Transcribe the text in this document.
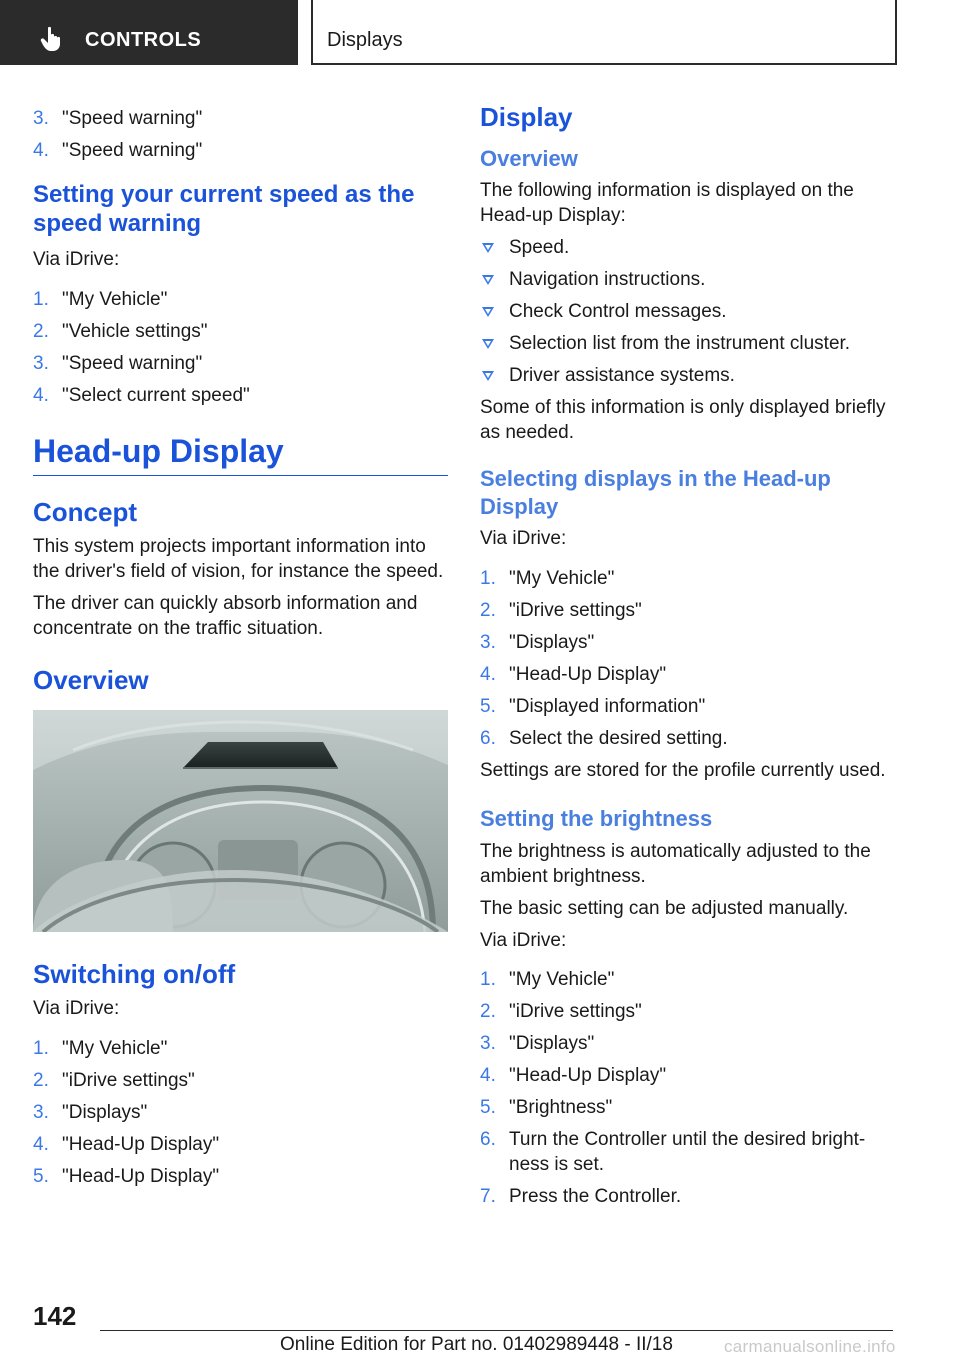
CONTROLS	Displays
3. "Speed warning"
4. "Speed warning"
Setting your current speed as the speed warning

Via iDrive:

1. "My Vehicle"
2. "Vehicle settings"
3. "Speed warning"
4. "Select current speed"
Head-up Display
Concept

This system projects important information into the driver's field of vision, for instance the speed.

The driver can quickly absorb information and concentrate on the traffic situation.

Overview
Switching on/off

Via iDrive:

1. "My Vehicle"
2. "iDrive settings"
3. "Displays"
4. "Head-Up Display"
5. "Head-Up Display"
Display
Overview

The following information is displayed on the Head-up Display:

Speed.
Navigation instructions.
Check Control messages.
Selection list from the instrument cluster.
Driver assistance systems.

Some of this information is only displayed briefly as needed.

Selecting displays in the Head-up Display

Via iDrive:

1. "My Vehicle"
2. "iDrive settings"
3. "Displays"
4. "Head-Up Display"
5. "Displayed information"
6. Select the desired setting.

Settings are stored for the profile currently used.

Setting the brightness

The brightness is automatically adjusted to the ambient brightness.

The basic setting can be adjusted manually.

Via iDrive:

1. "My Vehicle"
2. "iDrive settings"
3. "Displays"
4. "Head-Up Display"
5. "Brightness"
6. Turn the Controller until the desired bright‐ness is set.
7. Press the Controller.
142
Online Edition for Part no. 01402989448 - II/18	carmanualsonline.info
